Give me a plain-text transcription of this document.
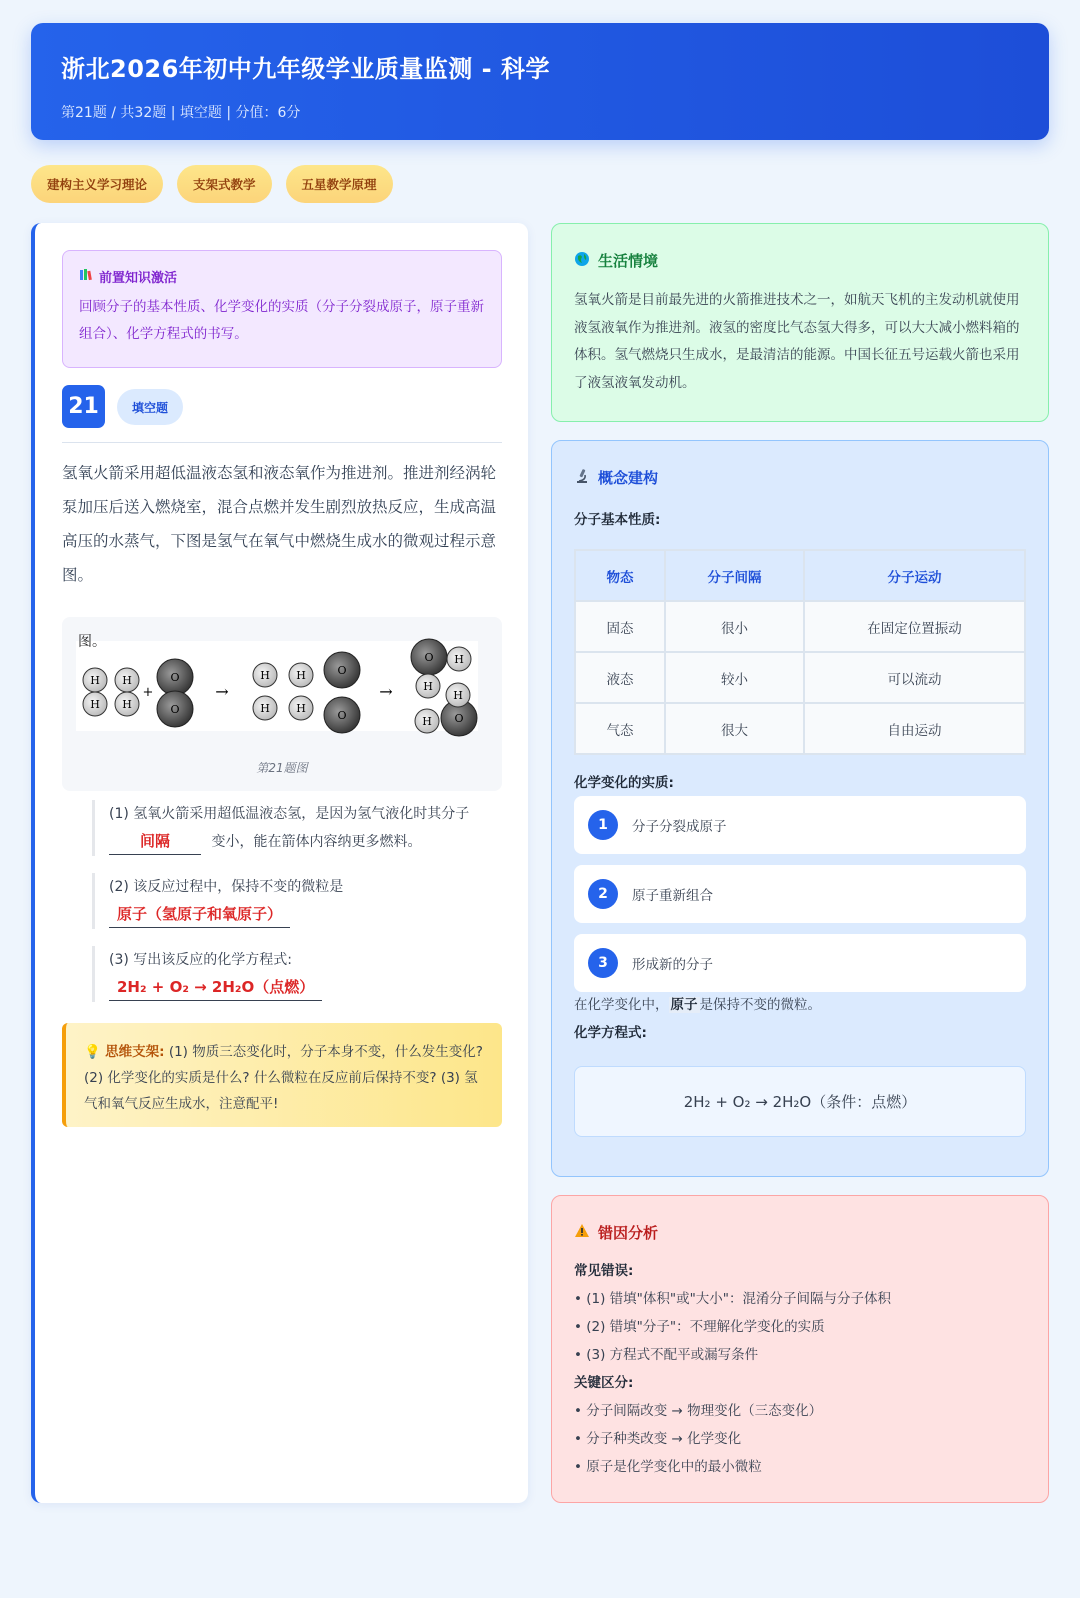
浙北2026年初中九年级学业质量监测 - 科学
第21题 / 共32题 | 填空题 | 分值：6分
建构主义学习理论	支架式教学	五星教学原理
前置知识激活
回顾分子的基本性质、化学变化的实质（分子分裂成原子，原子重新组合）、化学方程式的书写。
21	填空题
氢氧火箭采用超低温液态氢和液态氧作为推进剂。推进剂经涡轮泵加压后送入燃烧室，混合点燃并发生剧烈放热反应，生成高温高压的水蒸气，下图是氢气在氧气中燃烧生成水的微观过程示意图。
H
H
H
H
+
O
O
→
H H
H H
O
O
→
O H
H
O
H
H
图。
第21题图
(1) 氢氧火箭采用超低温液态氢，是因为氢气液化时其分子
间隔	变小，能在箭体内容纳更多燃料。
(2) 该反应过程中，保持不变的微粒是
原子（氢原子和氧原子）
(3) 写出该反应的化学方程式:
2H₂ + O₂ → 2H₂O（点燃）
💡 思维支架: (1) 物质三态变化时，分子本身不变，什么发生变化? (2) 化学变化的实质是什么? 什么微粒在反应前后保持不变? (3) 氢气和氧气反应生成水，注意配平!
生活情境
氢氧火箭是目前最先进的火箭推进技术之一，如航天飞机的主发动机就使用液氢液氧作为推进剂。液氢的密度比气态氢大得多，可以大大减小燃料箱的体积。氢气燃烧只生成水，是最清洁的能源。中国长征五号运载火箭也采用了液氢液氧发动机。
概念建构
分子基本性质:
物态	分子间隔	分子运动
固态	很小	在固定位置振动
液态	较小	可以流动
气态	很大	自由运动
化学变化的实质:
1	分子分裂成原子
2	原子重新组合
3	形成新的分子
在化学变化中， 原子 是保持不变的微粒。
化学方程式:
2H₂ + O₂ → 2H₂O（条件：点燃）
错因分析
常见错误:
• (1) 错填"体积"或"大小"：混淆分子间隔与分子体积
• (2) 错填"分子"：不理解化学变化的实质
• (3) 方程式不配平或漏写条件
关键区分:
• 分子间隔改变 → 物理变化（三态变化）
• 分子种类改变 → 化学变化
• 原子是化学变化中的最小微粒
